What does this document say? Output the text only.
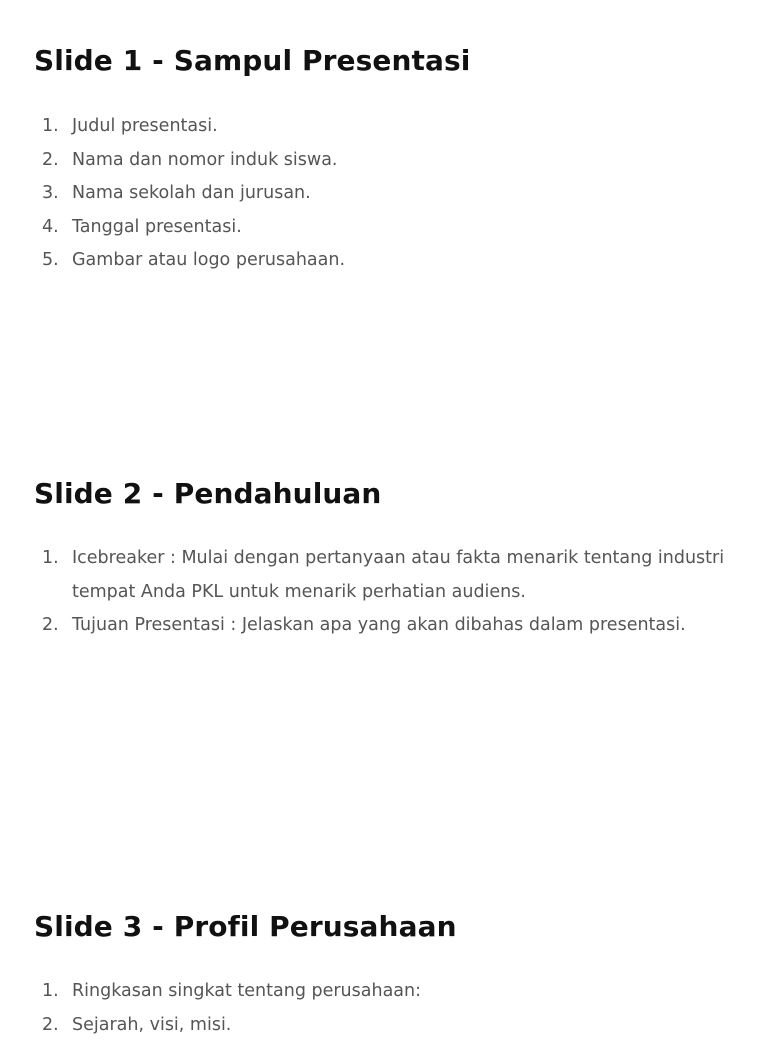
Slide 1 - Sampul Presentasi
1. Judul presentasi.
2. Nama dan nomor induk siswa.
3. Nama sekolah dan jurusan.
4. Tanggal presentasi.
5. Gambar atau logo perusahaan.
Slide 2 - Pendahuluan
1. Icebreaker : Mulai dengan pertanyaan atau fakta menarik tentang industri tempat Anda PKL untuk menarik perhatian audiens.
2. Tujuan Presentasi : Jelaskan apa yang akan dibahas dalam presentasi.
Slide 3 - Profil Perusahaan
1. Ringkasan singkat tentang perusahaan:
2. Sejarah, visi, misi.
